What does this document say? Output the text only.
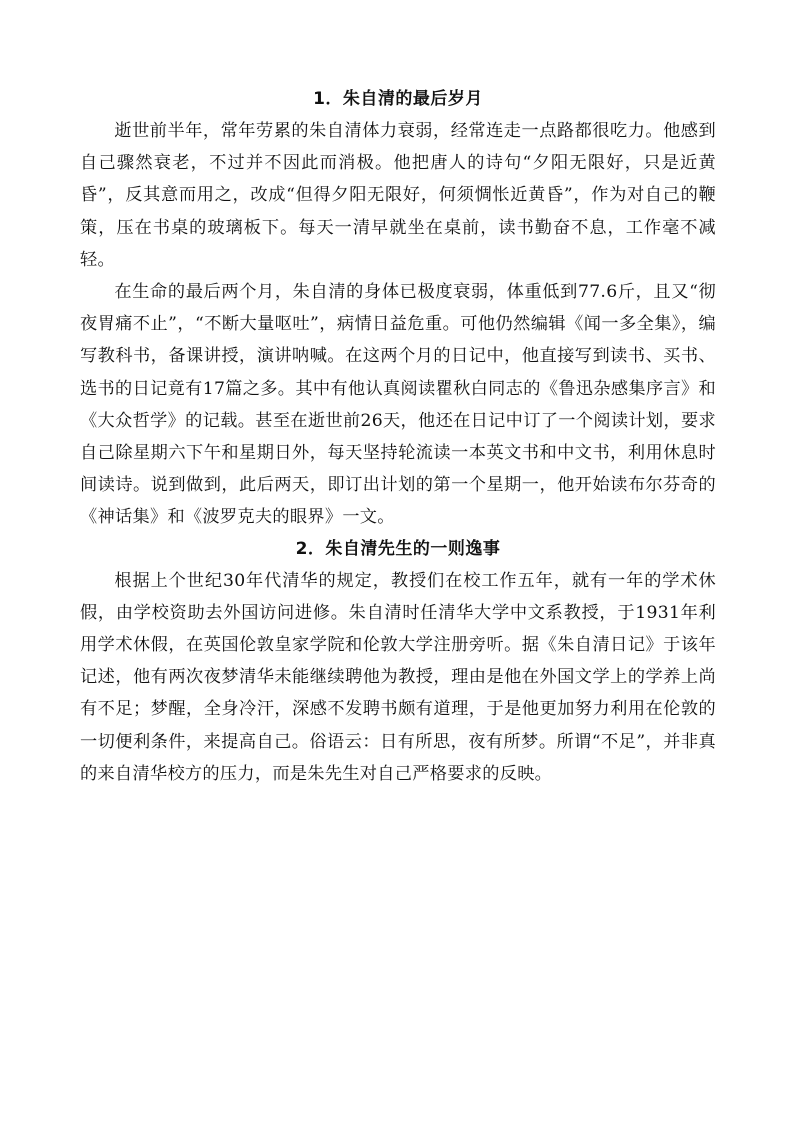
1．朱自清的最后岁月

逝世前半年，常年劳累的朱自清体力衰弱，经常连走一点路都很吃力。他感到自己骤然衰老，不过并不因此而消极。他把唐人的诗句“夕阳无限好，只是近黄昏”，反其意而用之，改成“但得夕阳无限好，何须惆怅近黄昏”，作为对自己的鞭策，压在书桌的玻璃板下。每天一清早就坐在桌前，读书勤奋不息，工作毫不减轻。

在生命的最后两个月，朱自清的身体已极度衰弱，体重低到77.6斤，且又“彻夜胃痛不止”，“不断大量呕吐”，病情日益危重。可他仍然编辑《闻一多全集》，编写教科书，备课讲授，演讲呐喊。在这两个月的日记中，他直接写到读书、买书、选书的日记竟有17篇之多。其中有他认真阅读瞿秋白同志的《鲁迅杂感集序言》和《大众哲学》的记载。甚至在逝世前26天，他还在日记中订了一个阅读计划，要求自己除星期六下午和星期日外，每天坚持轮流读一本英文书和中文书，利用休息时间读诗。说到做到，此后两天，即订出计划的第一个星期一，他开始读布尔芬奇的《神话集》和《波罗克夫的眼界》一文。

2．朱自清先生的一则逸事

根据上个世纪30年代清华的规定，教授们在校工作五年，就有一年的学术休假，由学校资助去外国访问进修。朱自清时任清华大学中文系教授，于1931年利用学术休假，在英国伦敦皇家学院和伦敦大学注册旁听。据《朱自清日记》于该年记述，他有两次夜梦清华未能继续聘他为教授，理由是他在外国文学上的学养上尚有不足；梦醒，全身冷汗，深感不发聘书颇有道理，于是他更加努力利用在伦敦的一切便利条件，来提高自己。俗语云：日有所思，夜有所梦。所谓“不足”，并非真的来自清华校方的压力，而是朱先生对自己严格要求的反映。
